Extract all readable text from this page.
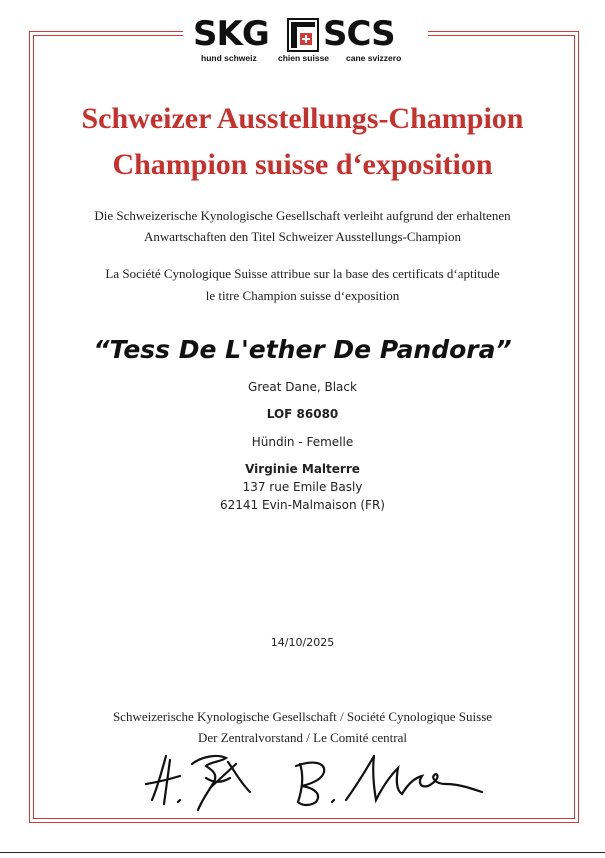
SKG SCS
hund schweiz	chien suisse cane svizzero
Schweizer Ausstellungs-Champion
Champion suisse d‘exposition
Die Schweizerische Kynologische Gesellschaft verleiht aufgrund der erhaltenen
Anwartschaften den Titel Schweizer Ausstellungs-Champion
La Société Cynologique Suisse attribue sur la base des certificats d‘aptitude
le titre Champion suisse d‘exposition
“Tess De L'ether De Pandora”
Great Dane, Black
LOF 86080
Hündin - Femelle
Virginie Malterre
137 rue Emile Basly
62141 Evin-Malmaison (FR)
14/10/2025
Schweizerische Kynologische Gesellschaft / Société Cynologique Suisse
Der Zentralvorstand / Le Comité central
